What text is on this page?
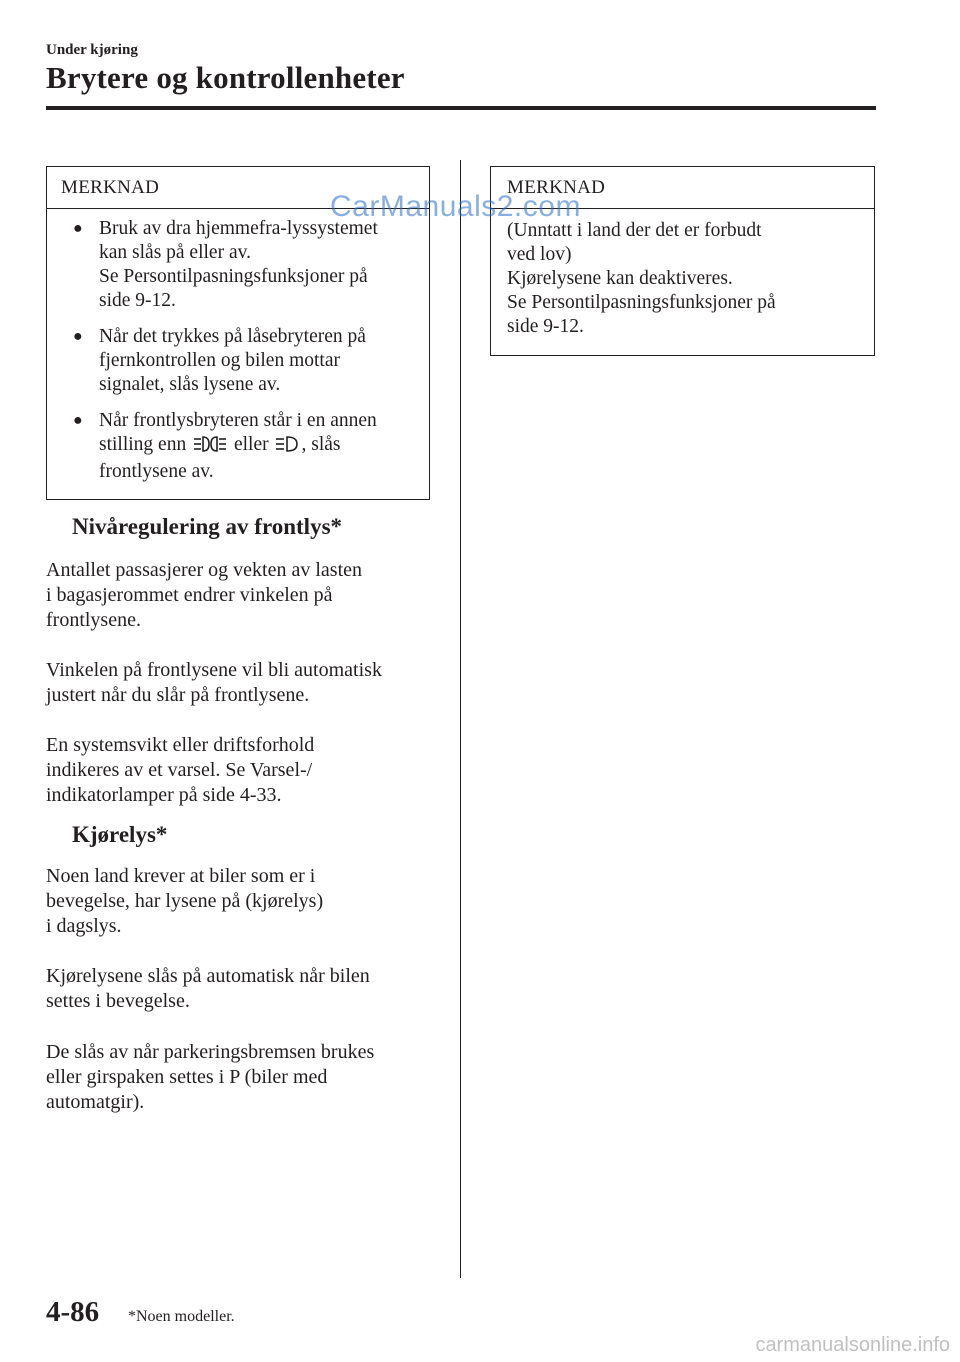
Under kjøring
Brytere og kontrollenheter
MERKNAD
● Bruk av dra hjemmefra-lyssystemet
kan slås på eller av.
Se Persontilpasningsfunksjoner på
side 9-12.
● Når det trykkes på låsebryteren på
fjernkontrollen og bilen mottar
signalet, slås lysene av.
● Når frontlysbryteren står i en annen
stilling enn eller , slås
frontlysene av.
MERKNAD
(Unntatt i land der det er forbudt
ved lov)
Kjørelysene kan deaktiveres.
Se Persontilpasningsfunksjoner på
side 9-12.
Nivåregulering av frontlys*
Antallet passasjerer og vekten av lasten
i bagasjerommet endrer vinkelen på
frontlysene.
Vinkelen på frontlysene vil bli automatisk
justert når du slår på frontlysene.
En systemsvikt eller driftsforhold
indikeres av et varsel. Se Varsel-/
indikatorlamper på side 4-33.
Kjørelys*
Noen land krever at biler som er i
bevegelse, har lysene på (kjørelys)
i dagslys.
Kjørelysene slås på automatisk når bilen
settes i bevegelse.
De slås av når parkeringsbremsen brukes
eller girspaken settes i P (biler med
automatgir).
4-86 *Noen modeller.
CarManuals2.com
carmanualsonline.info
